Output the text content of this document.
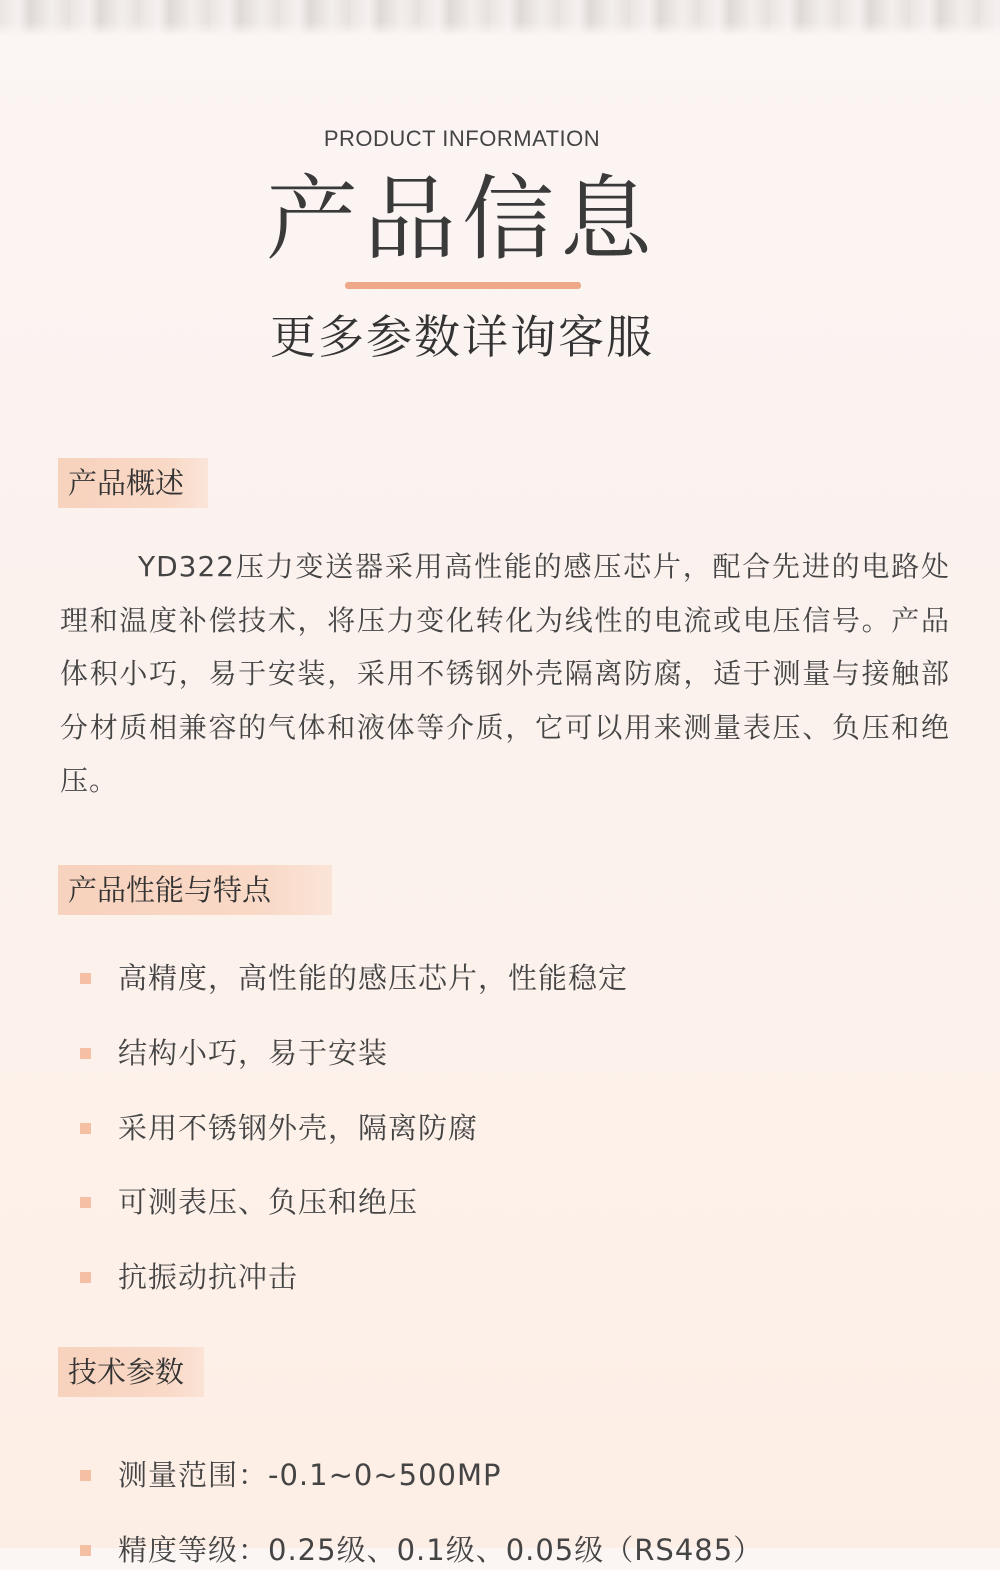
PRODUCT INFORMATION
产品信息
更多参数详询客服
产品概述

YD322压力变送器采用高性能的感压芯片，配合先进的电路处理和温度补偿技术，将压力变化转化为线性的电流或电压信号。产品体积小巧，易于安装，采用不锈钢外壳隔离防腐，适于测量与接触部分材质相兼容的气体和液体等介质，它可以用来测量表压、负压和绝压。

产品性能与特点
高精度，高性能的感压芯片，性能稳定
结构小巧，易于安装
采用不锈钢外壳，隔离防腐
可测表压、负压和绝压
抗振动抗冲击
技术参数
测量范围：-0.1~0~500MP
精度等级：0.25级、0.1级、0.05级（RS485）
